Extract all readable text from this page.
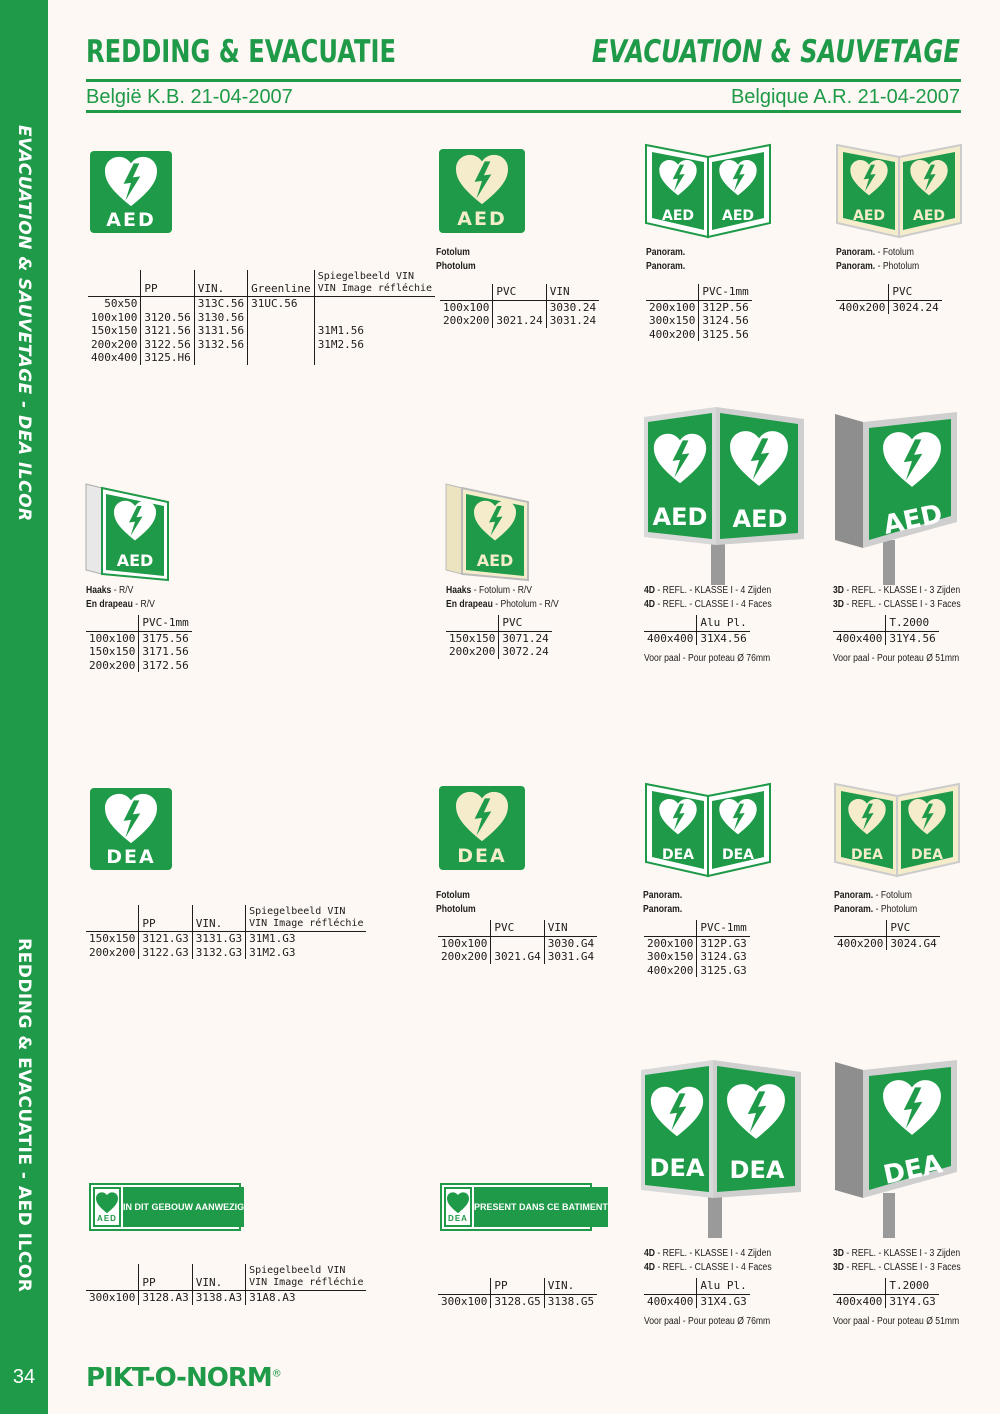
EVACUATION & SAUVETAGE - DEA ILCOR
REDDING & EVACUATIE - AED ILCOR
34
REDDING & EVACUATIE	EVACUATION & SAUVETAGE
België K.B. 21-04-2007	Belgique A.R. 21-04-2007
AED	AED	AED AED	AED AED
Fotolum
Photolum
Panoram.
Panoram.
Panoram. - Fotolum
Panoram. - Photolum
	PP	VIN.	Greenline	Spiegelbeeld VIN
VIN Image réfléchie
50x50		313C.56	31UC.56	
100x100	3120.56	3130.56		
150x150	3121.56	3131.56		31M1.56
200x200	3122.56	3132.56		31M2.56
400x400	3125.H6			
	PVC	VIN
100x100		3030.24
200x200	3021.24	3031.24
	PVC-1mm
200x100	312P.56
300x150	3124.56
400x200	3125.56
	PVC
400x200	3024.24
AED	AED
AED AED	AED
Haaks - R/V
En drapeau - R/V
Haaks - Fotolum - R/V
En drapeau - Photolum - R/V
4D - REFL. - KLASSE I - 4 Zijden
4D - REFL. - CLASSE I - 4 Faces
3D - REFL. - KLASSE I - 3 Zijden
3D - REFL. - CLASSE I - 3 Faces
	PVC-1mm
100x100	3175.56
150x150	3171.56
200x200	3172.56
	PVC
150x150	3071.24
200x200	3072.24
	Alu Pl.
400x400	31X4.56
	T.2000
400x400	31Y4.56
Voor paal - Pour poteau Ø 76mm	Voor paal - Pour poteau Ø 51mm
DEA	DEA	DEA DEA	DEA DEA
Fotolum
Photolum
Panoram.
Panoram.
Panoram. - Fotolum
Panoram. - Photolum
	PP	VIN.	Spiegelbeeld VIN
VIN Image réfléchie
150x150	3121.G3	3131.G3	31M1.G3
200x200	3122.G3	3132.G3	31M2.G3
	PVC	VIN
100x100		3030.G4
200x200	3021.G4	3031.G4
	PVC-1mm
200x100	312P.G3
300x150	3124.G3
400x200	3125.G3
	PVC
400x200	3024.G4
AED
IN DIT GEBOUW AANWEZIG
DEA
PRESENT DANS CE BATIMENT
DEA DEA	DEA
4D - REFL. - KLASSE I - 4 Zijden
4D - REFL. - CLASSE I - 4 Faces
3D - REFL. - KLASSE I - 3 Zijden
3D - REFL. - CLASSE I - 3 Faces
	PP	VIN.	Spiegelbeeld VIN
VIN Image réfléchie
300x100	3128.A3	3138.A3	31A8.A3
	PP	VIN.
300x100	3128.G5	3138.G5
	Alu Pl.
400x400	31X4.G3
	T.2000
400x400	31Y4.G3
Voor paal - Pour poteau Ø 76mm	Voor paal - Pour poteau Ø 51mm
PIKT-O-NORM®
